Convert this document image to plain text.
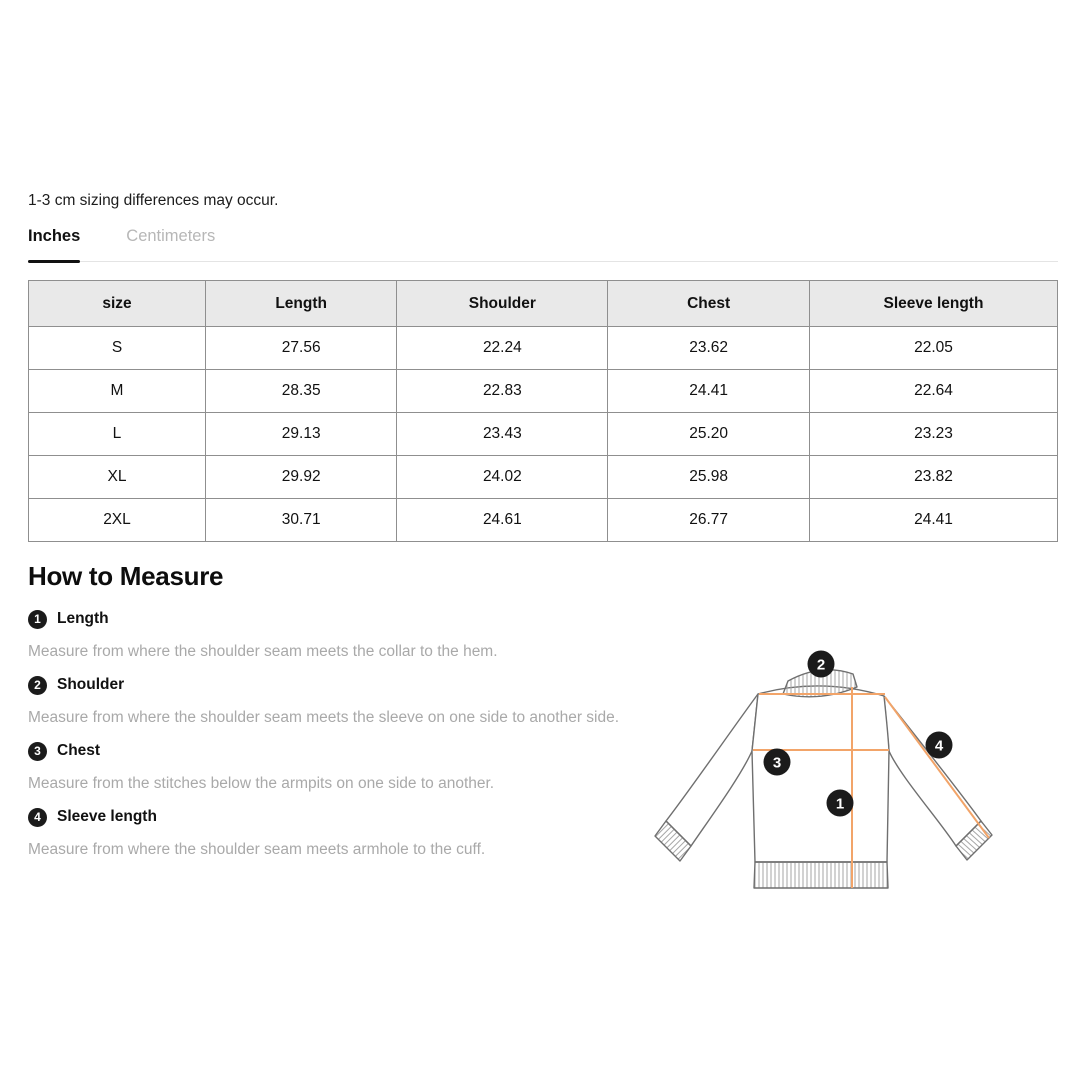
1-3 cm sizing differences may occur.

Inches	Centimeters
size	Length	Shoulder	Chest	Sleeve length
S	27.56	22.24	23.62	22.05
M	28.35	22.83	24.41	22.64
L	29.13	23.43	25.20	23.23
XL	29.92	24.02	25.98	23.82
2XL	30.71	24.61	26.77	24.41
How to Measure
1	Length

Measure from where the shoulder seam meets the collar to the hem.

2	Shoulder

Measure from where the shoulder seam meets the sleeve on one side to another side.

3	Chest

Measure from the stitches below the armpits on one side to another.

4	Sleeve length

Measure from where the shoulder seam meets armhole to the cuff.

2
3
1
4
